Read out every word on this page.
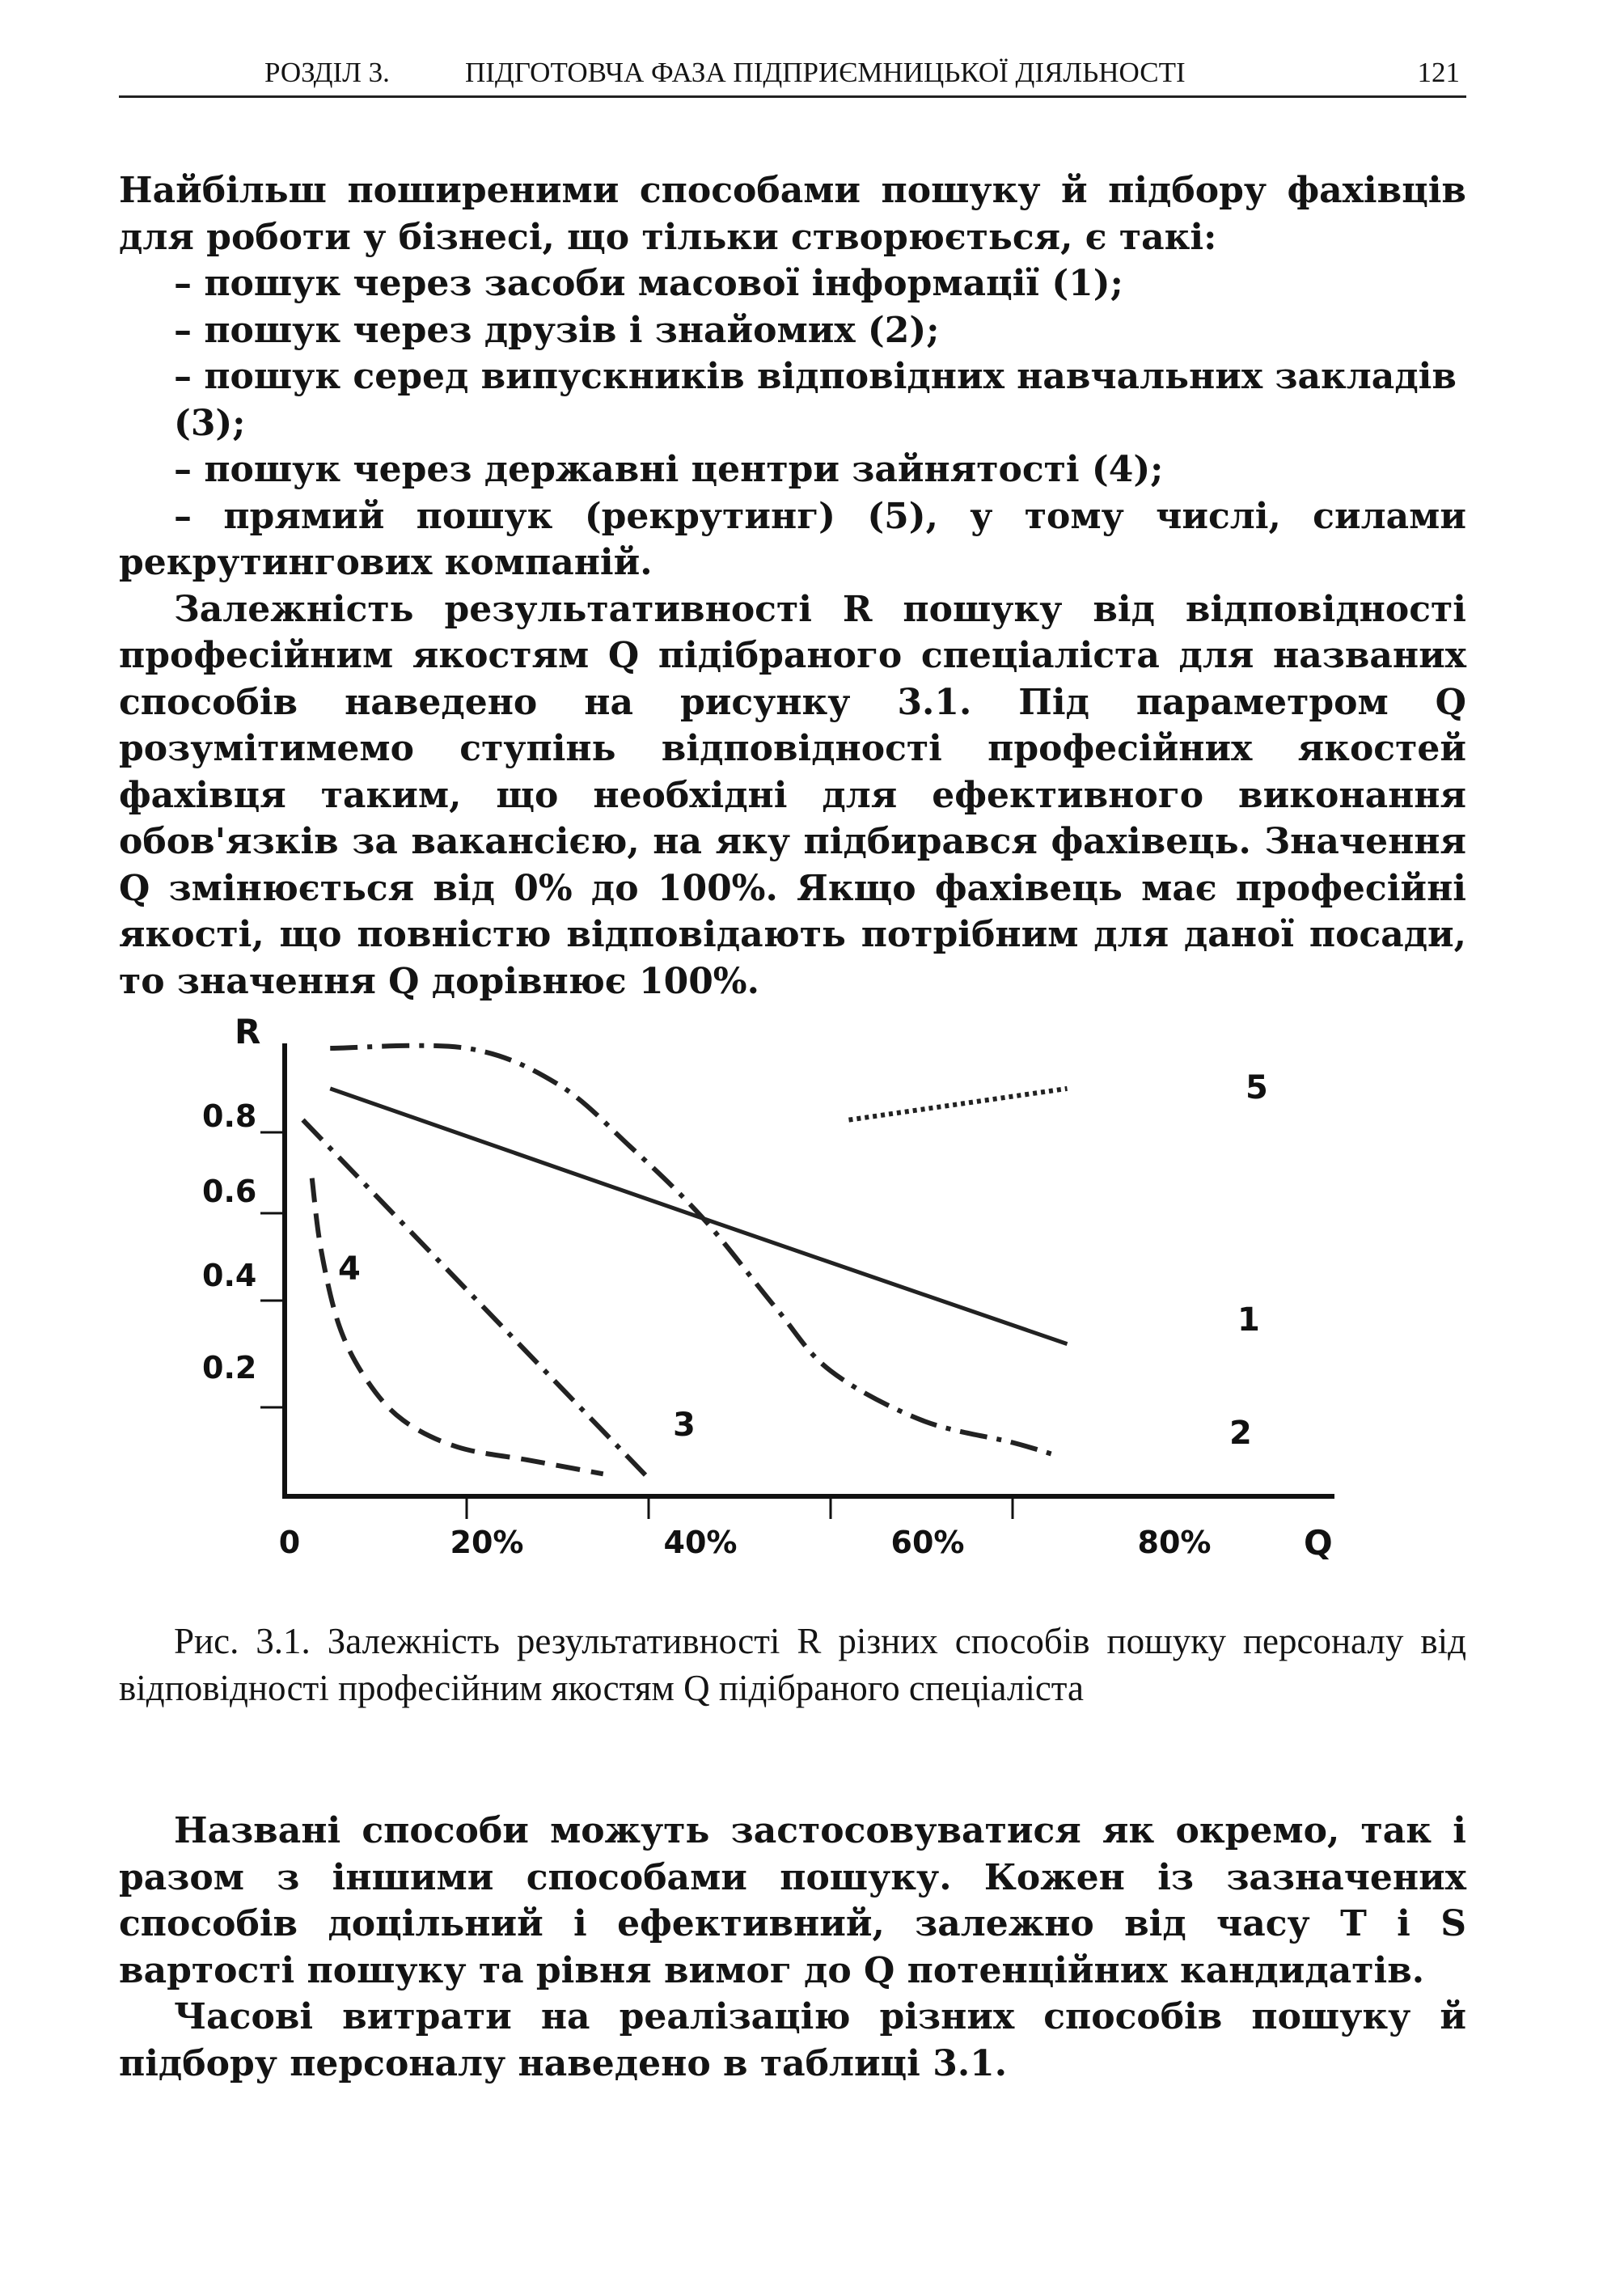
РОЗДІЛ 3.	ПІДГОТОВЧА ФАЗА ПІДПРИЄМНИЦЬКОЇ ДІЯЛЬНОСТІ	121

Найбільш поширеними способами пошуку й підбору фахівців для роботи у бізнесі, що тільки створюється, є такі:

– пошук через засоби масової інформації (1);

– пошук через друзів і знайомих (2);

– пошук серед випускників відповідних навчальних закладів (3);

– пошук через державні центри зайнятості (4);

– прямий пошук (рекрутинг) (5), у тому числі, силами рекрутингових компаній.

Залежність результативності R пошуку від відповідності професійним якостям Q підібраного спеціаліста для названих способів наведено на рисунку 3.1. Під параметром Q розумітимемо ступінь відповідності професійних якостей фахівця таким, що необхідні для ефективного виконання обов'язків за вакансією, на яку підбирався фахівець. Значення Q змінюється від 0% до 100%. Якщо фахівець має професійні якості, що повністю відповідають потрібним для даної посади, то значення Q дорівнює 100%.

0.8
0.6
0.4
0.2
0	20%	40%	60%	80%
R
Q
1
2
3
4
5

Рис. 3.1. Залежність результативності R різних способів пошуку персоналу від відповідності професійним якостям Q підібраного спеціаліста

Названі способи можуть застосовуватися як окремо, так і разом з іншими способами пошуку. Кожен із зазначених способів доцільний і ефективний, залежно від часу T і S вартості пошуку та рівня вимог до Q потенційних кандидатів.

Часові витрати на реалізацію різних способів пошуку й підбору персоналу наведено в таблиці 3.1.
